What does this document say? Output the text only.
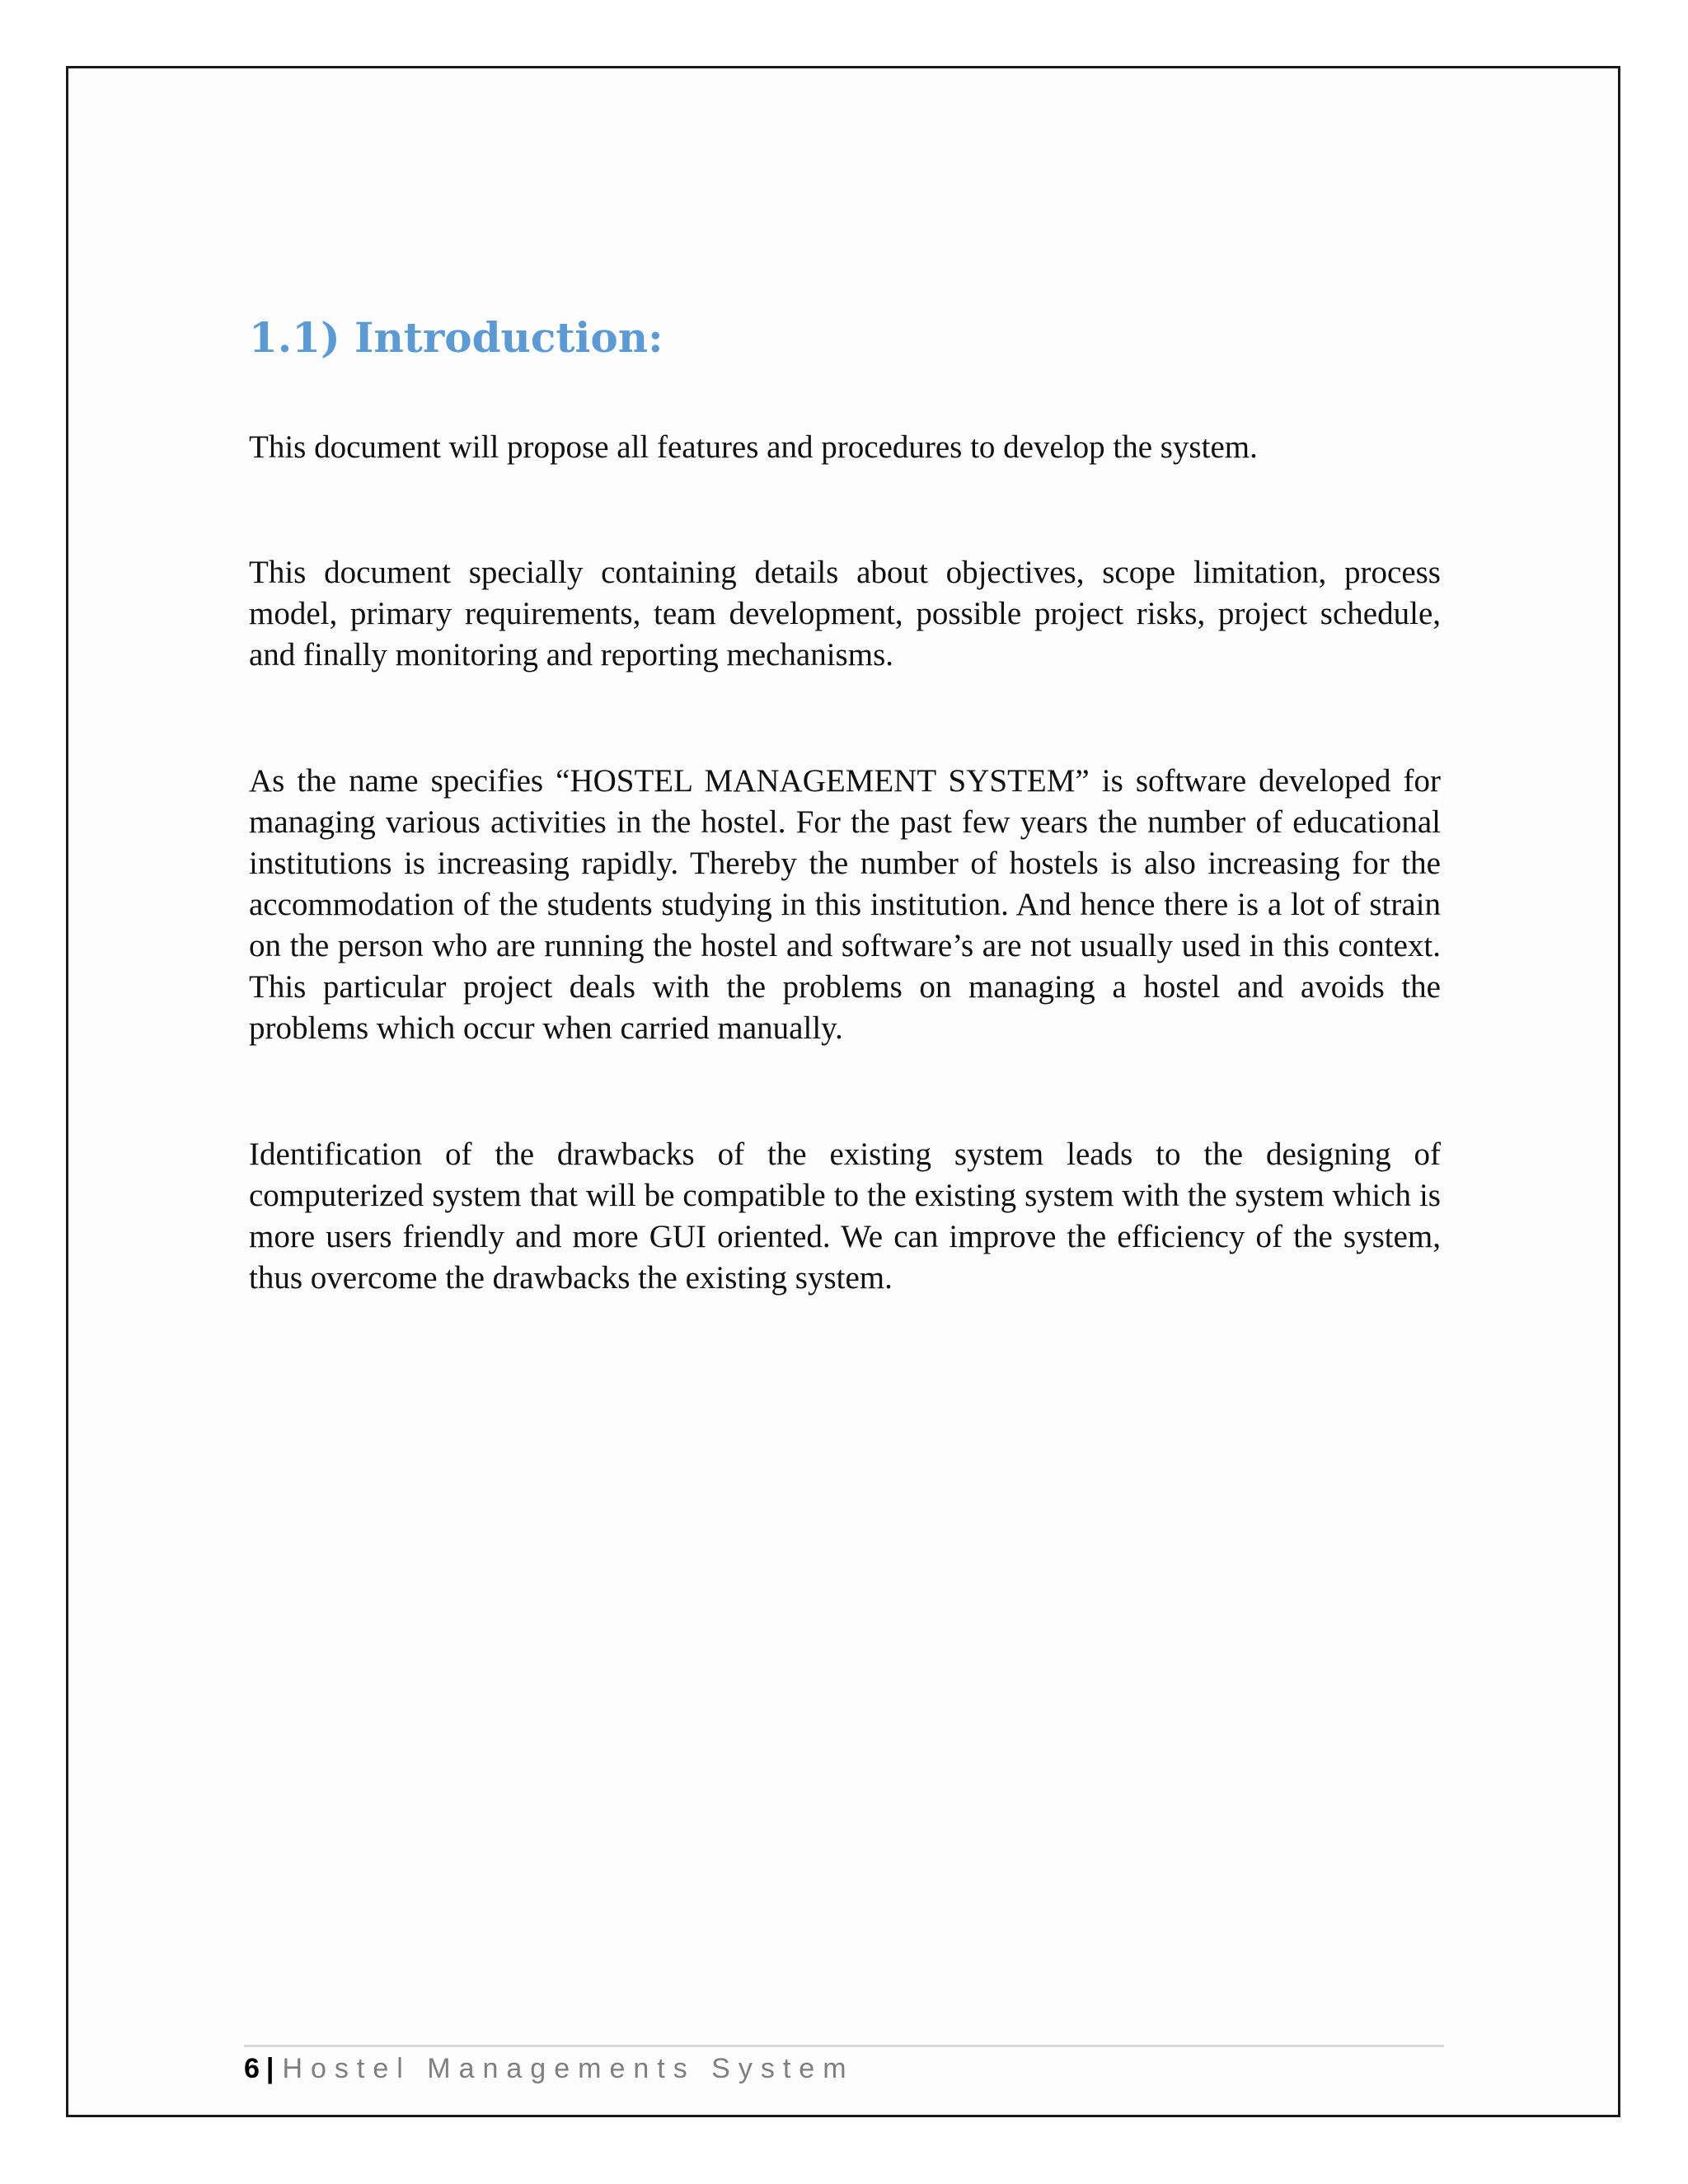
1.1) Introduction:

This document will propose all features and procedures to develop the system.

This document specially containing details about objectives, scope limitation, process model, primary requirements, team development, possible project risks, project schedule, and finally monitoring and reporting mechanisms.

As the name specifies “HOSTEL MANAGEMENT SYSTEM” is software developed for managing various activities in the hostel. For the past few years the number of educational institutions is increasing rapidly. Thereby the number of hostels is also increasing for the accommodation of the students studying in this institution. And hence there is a lot of strain on the person who are running the hostel and software’s are not usually used in this context. This particular project deals with the problems on managing a hostel and avoids the problems which occur when carried manually.

Identification of the drawbacks of the existing system leads to the designing of computerized system that will be compatible to the existing system with the system which is more users friendly and more GUI oriented. We can improve the efficiency of the system, thus overcome the drawbacks the existing system.

6 | Hostel Managements System
